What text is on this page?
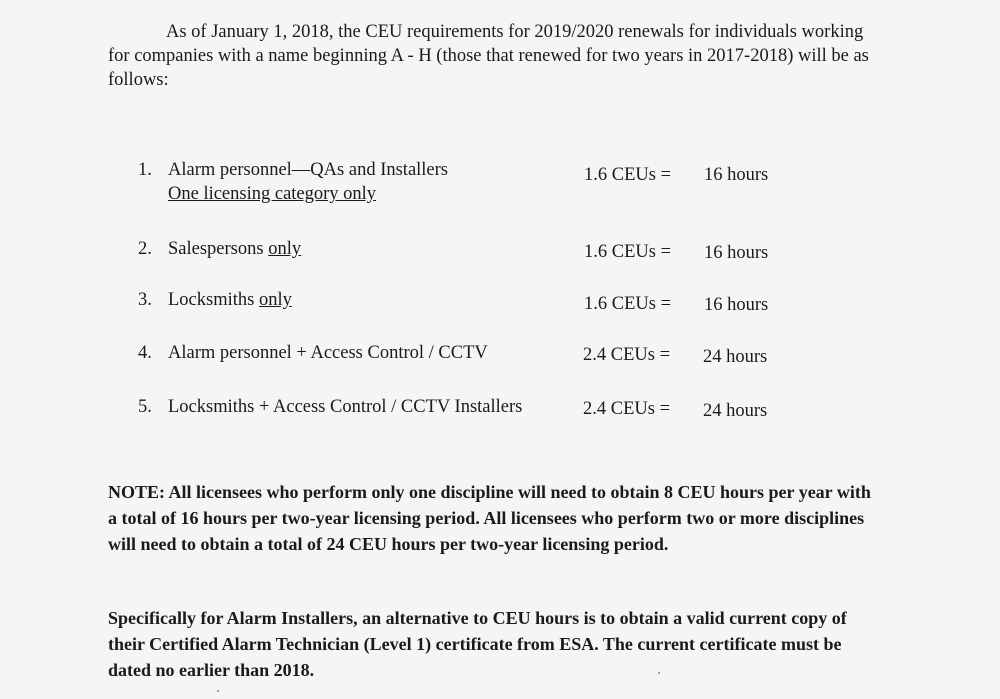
As of January 1, 2018, the CEU requirements for 2019/2020 renewals for individuals working for companies with a name beginning A - H (those that renewed for two years in 2017-2018) will be as follows:

1. Alarm personnel—QAs and Installers
One licensing category only
1.6 CEUs = 16 hours
2. Salespersons only	1.6 CEUs = 16 hours
3. Locksmiths only	1.6 CEUs = 16 hours
4. Alarm personnel + Access Control / CCTV	2.4 CEUs = 24 hours
5. Locksmiths + Access Control / CCTV Installers	2.4 CEUs = 24 hours

NOTE: All licensees who perform only one discipline will need to obtain 8 CEU hours per year with a total of 16 hours per two-year licensing period. All licensees who perform two or more disciplines will need to obtain a total of 24 CEU hours per two-year licensing period.

Specifically for Alarm Installers, an alternative to CEU hours is to obtain a valid current copy of their Certified Alarm Technician (Level 1) certificate from ESA. The current certificate must be dated no earlier than 2018.
